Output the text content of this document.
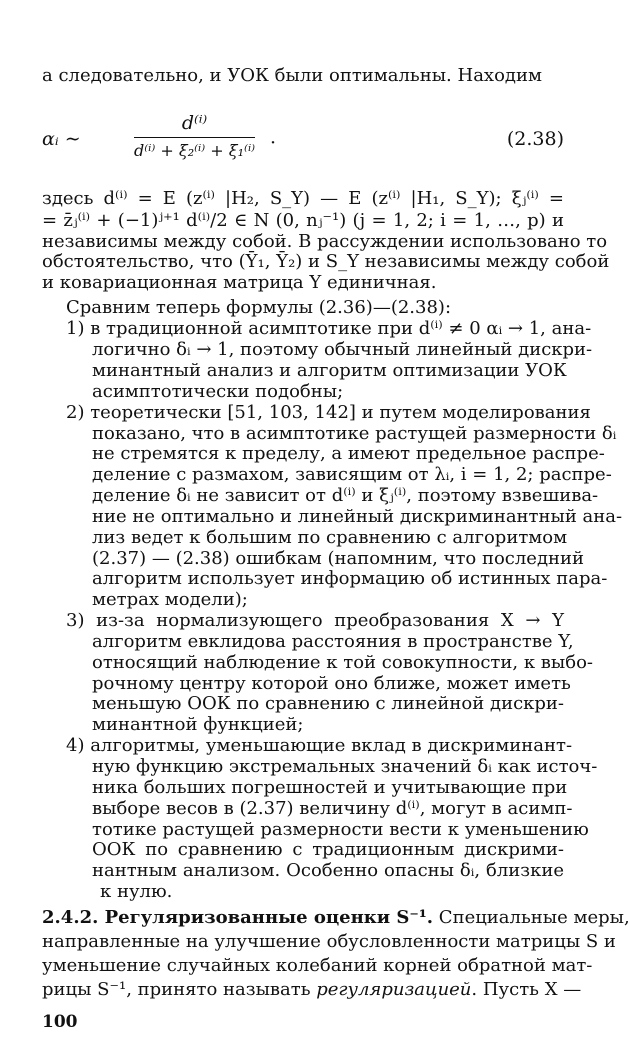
а следовательно, и УОК были оптимальны. Находим
αᵢ ∼
d⁽ⁱ⁾
d⁽ⁱ⁾ + ξ₂⁽ⁱ⁾ + ξ₁⁽ⁱ⁾ ·	(2.38)
здесь d⁽ⁱ⁾ = E (z⁽ⁱ⁾ |H₂, S_Y) — E (z⁽ⁱ⁾ |H₁, S_Y); ξⱼ⁽ⁱ⁾ =
= z̄ⱼ⁽ⁱ⁾ + (−1)ʲ⁺¹ d⁽ⁱ⁾/2 ∈ N (0, nⱼ⁻¹) (j = 1, 2; i = 1, …, p) и
независимы между собой. В рассуждении использовано то
обстоятельство, что (Ȳ₁, Ȳ₂) и S_Y независимы между собой
и ковариационная матрица Y единичная.
Сравним теперь формулы (2.36)—(2.38):
1) в традиционной асимптотике при d⁽ⁱ⁾ ≠ 0 αᵢ → 1, ана-
логично δᵢ → 1, поэтому обычный линейный дискри-
минантный анализ и алгоритм оптимизации УОК
асимптотически подобны;
2) теоретически [51, 103, 142] и путем моделирования
показано, что в асимптотике растущей размерности δᵢ
не стремятся к пределу, а имеют предельное распре-
деление с размахом, зависящим от λᵢ, i = 1, 2; распре-
деление δᵢ не зависит от d⁽ⁱ⁾ и ξⱼ⁽ⁱ⁾, поэтому взвешива-
ние не оптимально и линейный дискриминантный ана-
лиз ведет к большим по сравнению с алгоритмом
(2.37) — (2.38) ошибкам (напомним, что последний
алгоритм использует информацию об истинных пара-
метрах модели);
3) из-за нормализующего преобразования X → Y
алгоритм евклидова расстояния в пространстве Y,
относящий наблюдение к той совокупности, к выбо-
рочному центру которой оно ближе, может иметь
меньшую ООК по сравнению с линейной дискри-
минантной функцией;
4) алгоритмы, уменьшающие вклад в дискриминант-
ную функцию экстремальных значений δᵢ как источ-
ника больших погрешностей и учитывающие при
выборе весов в (2.37) величину d⁽ⁱ⁾, могут в асимп-
тотике растущей размерности вести к уменьшению
ООК по сравнению с традиционным дискрими-
нантным анализом. Особенно опасны δᵢ, близкие
к нулю.
100
2.4.2. Регуляризованные оценки S⁻¹. Специальные меры,
направленные на улучшение обусловленности матрицы S и
уменьшение случайных колебаний корней обратной мат-
рицы S⁻¹, принято называть регуляризацией. Пусть X —
